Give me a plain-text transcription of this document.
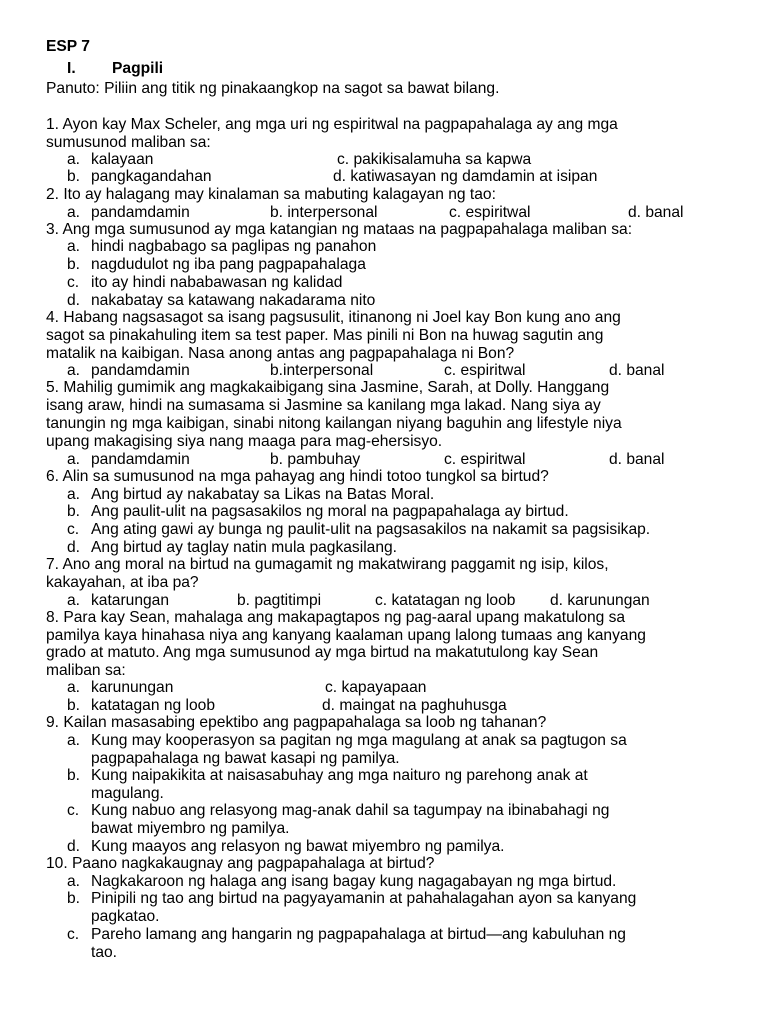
ESP 7
I. Pagpili
Panuto: Piliin ang titik ng pinakaangkop na sagot sa bawat bilang.
1. Ayon kay Max Scheler, ang mga uri ng espiritwal na pagpapahalaga ay ang mga
sumusunod maliban sa:
a. kalayaan	c. pakikisalamuha sa kapwa
b. pangkagandahan	d. katiwasayan ng damdamin at isipan
2. Ito ay halagang may kinalaman sa mabuting kalagayan ng tao:
a. pandamdamin	b. interpersonal	c. espiritwal	d. banal
3. Ang mga sumusunod ay mga katangian ng mataas na pagpapahalaga maliban sa:
a. hindi nagbabago sa paglipas ng panahon
b. nagdudulot ng iba pang pagpapahalaga
c. ito ay hindi nababawasan ng kalidad
d. nakabatay sa katawang nakadarama nito
4. Habang nagsasagot sa isang pagsusulit, itinanong ni Joel kay Bon kung ano ang
sagot sa pinakahuling item sa test paper. Mas pinili ni Bon na huwag sagutin ang
matalik na kaibigan. Nasa anong antas ang pagpapahalaga ni Bon?
a. pandamdamin	b.interpersonal	c. espiritwal	d. banal
5. Mahilig gumimik ang magkakaibigang sina Jasmine, Sarah, at Dolly. Hanggang
isang araw, hindi na sumasama si Jasmine sa kanilang mga lakad. Nang siya ay
tanungin ng mga kaibigan, sinabi nitong kailangan niyang baguhin ang lifestyle niya
upang makagising siya nang maaga para mag-ehersisyo.
a. pandamdamin	b. pambuhay	c. espiritwal	d. banal
6. Alin sa sumusunod na mga pahayag ang hindi totoo tungkol sa birtud?
a. Ang birtud ay nakabatay sa Likas na Batas Moral.
b. Ang paulit-ulit na pagsasakilos ng moral na pagpapahalaga ay birtud.
c. Ang ating gawi ay bunga ng paulit-ulit na pagsasakilos na nakamit sa pagsisikap.
d. Ang birtud ay taglay natin mula pagkasilang.
7. Ano ang moral na birtud na gumagamit ng makatwirang paggamit ng isip, kilos,
kakayahan, at iba pa?
a. katarungan	b. pagtitimpi	c. katatagan ng loob d. karunungan
8. Para kay Sean, mahalaga ang makapagtapos ng pag-aaral upang makatulong sa
pamilya kaya hinahasa niya ang kanyang kaalaman upang lalong tumaas ang kanyang
grado at matuto. Ang mga sumusunod ay mga birtud na makatutulong kay Sean
maliban sa:
a. karunungan	c. kapayapaan
b. katatagan ng loob	d. maingat na paghuhusga
9. Kailan masasabing epektibo ang pagpapahalaga sa loob ng tahanan?
a. Kung may kooperasyon sa pagitan ng mga magulang at anak sa pagtugon sa
pagpapahalaga ng bawat kasapi ng pamilya.
b. Kung naipakikita at naisasabuhay ang mga naituro ng parehong anak at
magulang.
c. Kung nabuo ang relasyong mag-anak dahil sa tagumpay na ibinabahagi ng
bawat miyembro ng pamilya.
d. Kung maayos ang relasyon ng bawat miyembro ng pamilya.
10. Paano nagkakaugnay ang pagpapahalaga at birtud?
a. Nagkakaroon ng halaga ang isang bagay kung nagagabayan ng mga birtud.
b. Pinipili ng tao ang birtud na pagyayamanin at pahahalagahan ayon sa kanyang
pagkatao.
c. Pareho lamang ang hangarin ng pagpapahalaga at birtud—ang kabuluhan ng
tao.
